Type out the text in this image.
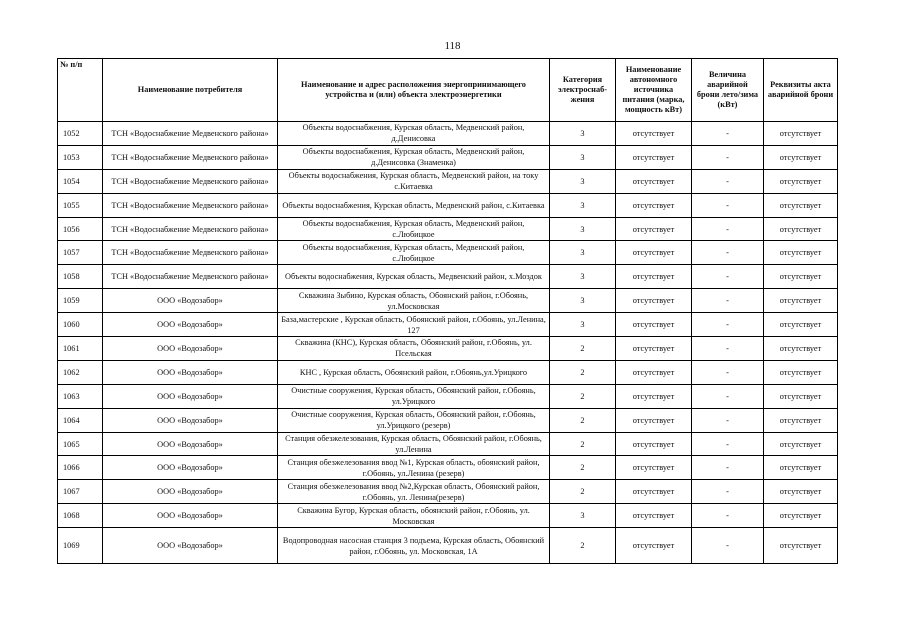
118
№ п/п	Наименование потребителя	Наименование и адрес расположения энергопринимающего устройства и (или) объекта электроэнергетики	Категория электроснаб-жения	Наименование автономного источника питания (марка, мощность кВт)	Величина аварийной брони лето/зима (кВт)	Реквизиты акта аварийной брони
1052	ТСН «Водоснабжение Медвенского района»	Объекты водоснабжения, Курская область, Медвенский район, д.Денисовка	3	отсутствует	-	отсутствует
1053	ТСН «Водоснабжение Медвенского района»	Объекты водоснабжения, Курская область, Медвенский район, д.Денисовка (Знаменка)	3	отсутствует	-	отсутствует
1054	ТСН «Водоснабжение Медвенского района»	Объекты водоснабжения, Курская область, Медвенский район, на току с.Китаевка	3	отсутствует	-	отсутствует
1055	ТСН «Водоснабжение Медвенского района»	Объекты водоснабжения, Курская область, Медвенский район, с.Китаевка	3	отсутствует	-	отсутствует
1056	ТСН «Водоснабжение Медвенского района»	Объекты водоснабжения, Курская область, Медвенский район, с.Любицкое	3	отсутствует	-	отсутствует
1057	ТСН «Водоснабжение Медвенского района»	Объекты водоснабжения, Курская область, Медвенский район, с.Любицкое	3	отсутствует	-	отсутствует
1058	ТСН «Водоснабжение Медвенского района»	Объекты водоснабжения, Курская область, Медвенский район, х.Моздок	3	отсутствует	-	отсутствует
1059	ООО «Водозабор»	Скважина Зыбино, Курская область, Обоянский район, г.Обоянь, ул.Московская	3	отсутствует	-	отсутствует
1060	ООО «Водозабор»	База,мастерские , Курская область, Обоянский район, г.Обоянь, ул.Ленина, 127	3	отсутствует	-	отсутствует
1061	ООО «Водозабор»	Скважина (КНС), Курская область, Обоянский район, г.Обоянь, ул. Псельская	2	отсутствует	-	отсутствует
1062	ООО «Водозабор»	КНС , Курская область, Обоянский район, г.Обоянь,ул.Урицкого	2	отсутствует	-	отсутствует
1063	ООО «Водозабор»	Очистные сооружения, Курская область, Обоянский район, г.Обоянь, ул.Урицкого	2	отсутствует	-	отсутствует
1064	ООО «Водозабор»	Очистные сооружения, Курская область, Обоянский район, г.Обоянь, ул.Урицкого (резерв)	2	отсутствует	-	отсутствует
1065	ООО «Водозабор»	Станция обезжелезования, Курская область, Обоянский район, г.Обоянь, ул.Ленина	2	отсутствует	-	отсутствует
1066	ООО «Водозабор»	Станция обезжелезования ввод №1, Курская область, обоянский район, г.Обоянь, ул.Ленина (резерв)	2	отсутствует	-	отсутствует
1067	ООО «Водозабор»	Станция обезжелезования ввод №2,Курская область, Обоянский район, г.Обоянь, ул. Ленина(резерв)	2	отсутствует	-	отсутствует
1068	ООО «Водозабор»	Скважина Бугор, Курская область, обоянский район, г.Обоянь, ул. Московская	3	отсутствует	-	отсутствует
1069	ООО «Водозабор»	Водопроводная насосная станция 3 подъема, Курская область, Обоянский район, г.Обоянь, ул. Московская, 1А	2	отсутствует	-	отсутствует
